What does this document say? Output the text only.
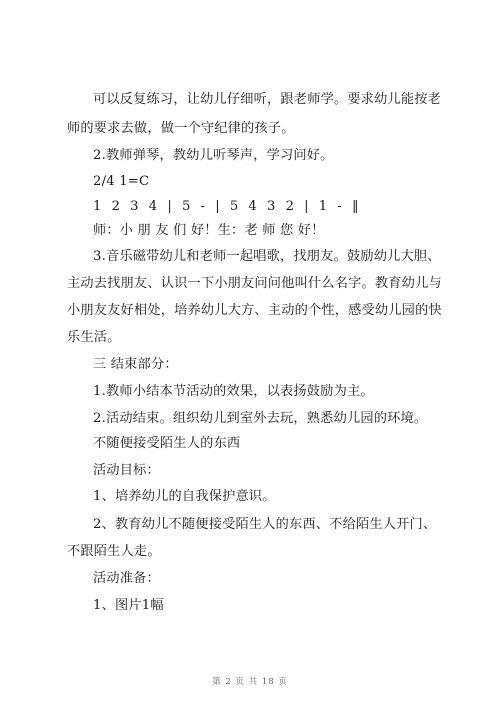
可以反复练习，让幼儿仔细听，跟老师学。要求幼儿能按老
师的要求去做，做一个守纪律的孩子。
2.教师弹琴，教幼儿听琴声，学习问好。
2/4 1=C
1 2 3 4 | 5 - | 5 4 3 2 | 1 - ‖
师：小 朋 友 们 好！生：老 师 您 好！
3.音乐磁带幼儿和老师一起唱歌，找朋友。鼓励幼儿大胆、
主动去找朋友、认识一下小朋友问问他叫什么名字。教育幼儿与
小朋友友好相处，培养幼儿大方、主动的个性，感受幼儿园的快
乐生活。
三 结束部分：
1.教师小结本节活动的效果，以表扬鼓励为主。
2.活动结束。组织幼儿到室外去玩，熟悉幼儿园的环境。
不随便接受陌生人的东西
活动目标：
1、培养幼儿的自我保护意识。
2、教育幼儿不随便接受陌生人的东西、不给陌生人开门、
不跟陌生人走。
活动准备：
1、图片1幅
第 2 页 共 18 页
